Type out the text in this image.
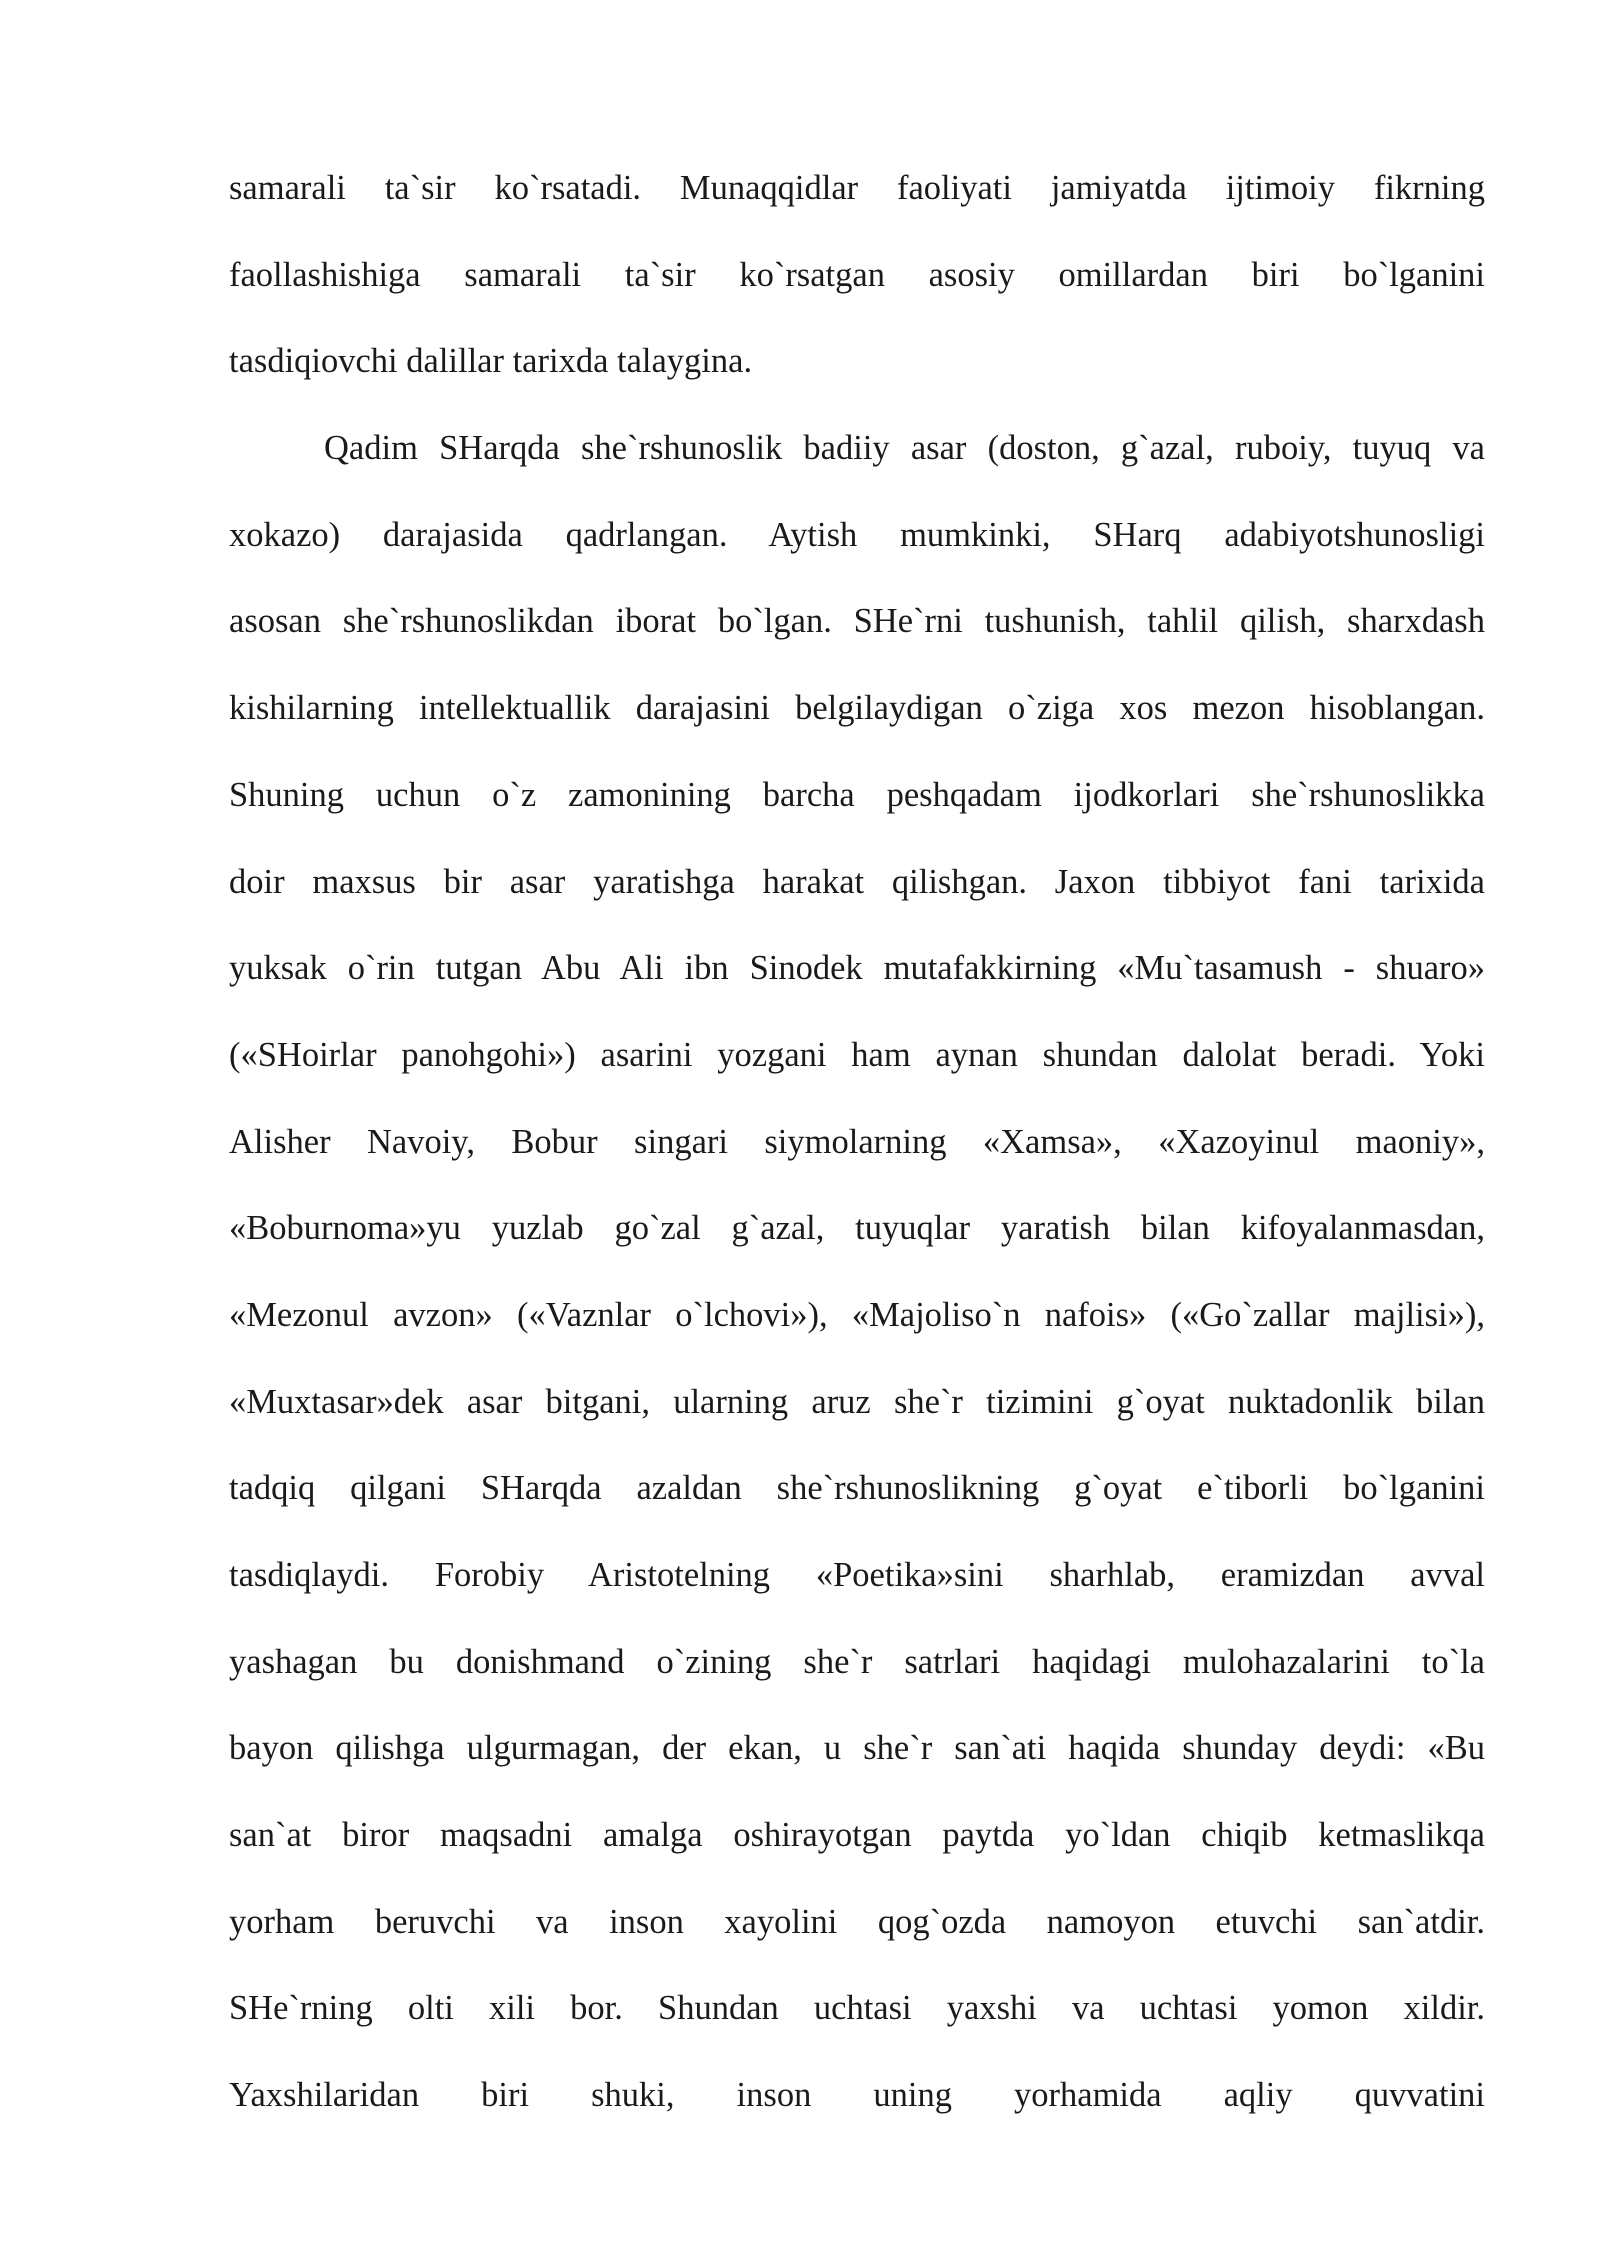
samarali ta`sir ko`rsatadi. Munaqqidlar faoliyati jamiyatda ijtimoiy fikrning
faollashishiga samarali ta`sir ko`rsatgan asosiy omillardan biri bo`lganini
tasdiqiovchi dalillar tarixda talaygina.
Qadim SHarqda she`rshunoslik badiiy asar (doston, g`azal, ruboiy, tuyuq va
xokazo) darajasida qadrlangan. Aytish mumkinki, SHarq adabiyotshunosligi
asosan she`rshunoslikdan iborat bo`lgan. SHe`rni tushunish, tahlil qilish, sharxdash
kishilarning intellektuallik darajasini belgilaydigan o`ziga xos mezon hisoblangan.
Shuning uchun o`z zamonining barcha peshqadam ijodkorlari she`rshunoslikka
doir maxsus bir asar yaratishga harakat qilishgan. Jaxon tibbiyot fani tarixida
yuksak o`rin tutgan Abu Ali ibn Sinodek mutafakkirning «Mu`tasamush - shuaro»
(«SHoirlar panohgohi») asarini yozgani ham aynan shundan dalolat beradi. Yoki
Alisher Navoiy, Bobur singari siymolarning «Xamsa», «Xazoyinul maoniy»,
«Boburnoma»yu yuzlab go`zal g`azal, tuyuqlar yaratish bilan kifoyalanmasdan,
«Mezonul avzon» («Vaznlar o`lchovi»), «Majoliso`n nafois» («Go`zallar majlisi»),
«Muxtasar»dek asar bitgani, ularning aruz she`r tizimini g`oyat nuktadonlik bilan
tadqiq qilgani SHarqda azaldan she`rshunoslikning g`oyat e`tiborli bo`lganini
tasdiqlaydi. Forobiy Aristotelning «Poetika»sini sharhlab, eramizdan avval
yashagan bu donishmand o`zining she`r satrlari haqidagi mulohazalarini to`la
bayon qilishga ulgurmagan, der ekan, u she`r san`ati haqida shunday deydi: «Bu
san`at biror maqsadni amalga oshirayotgan paytda yo`ldan chiqib ketmaslikqa
yorham beruvchi va inson xayolini qog`ozda namoyon etuvchi san`atdir.
SHe`rning olti xili bor. Shundan uchtasi yaxshi va uchtasi yomon xildir.
Yaxshilaridan biri shuki, inson uning yorhamida aqliy quvvatini
